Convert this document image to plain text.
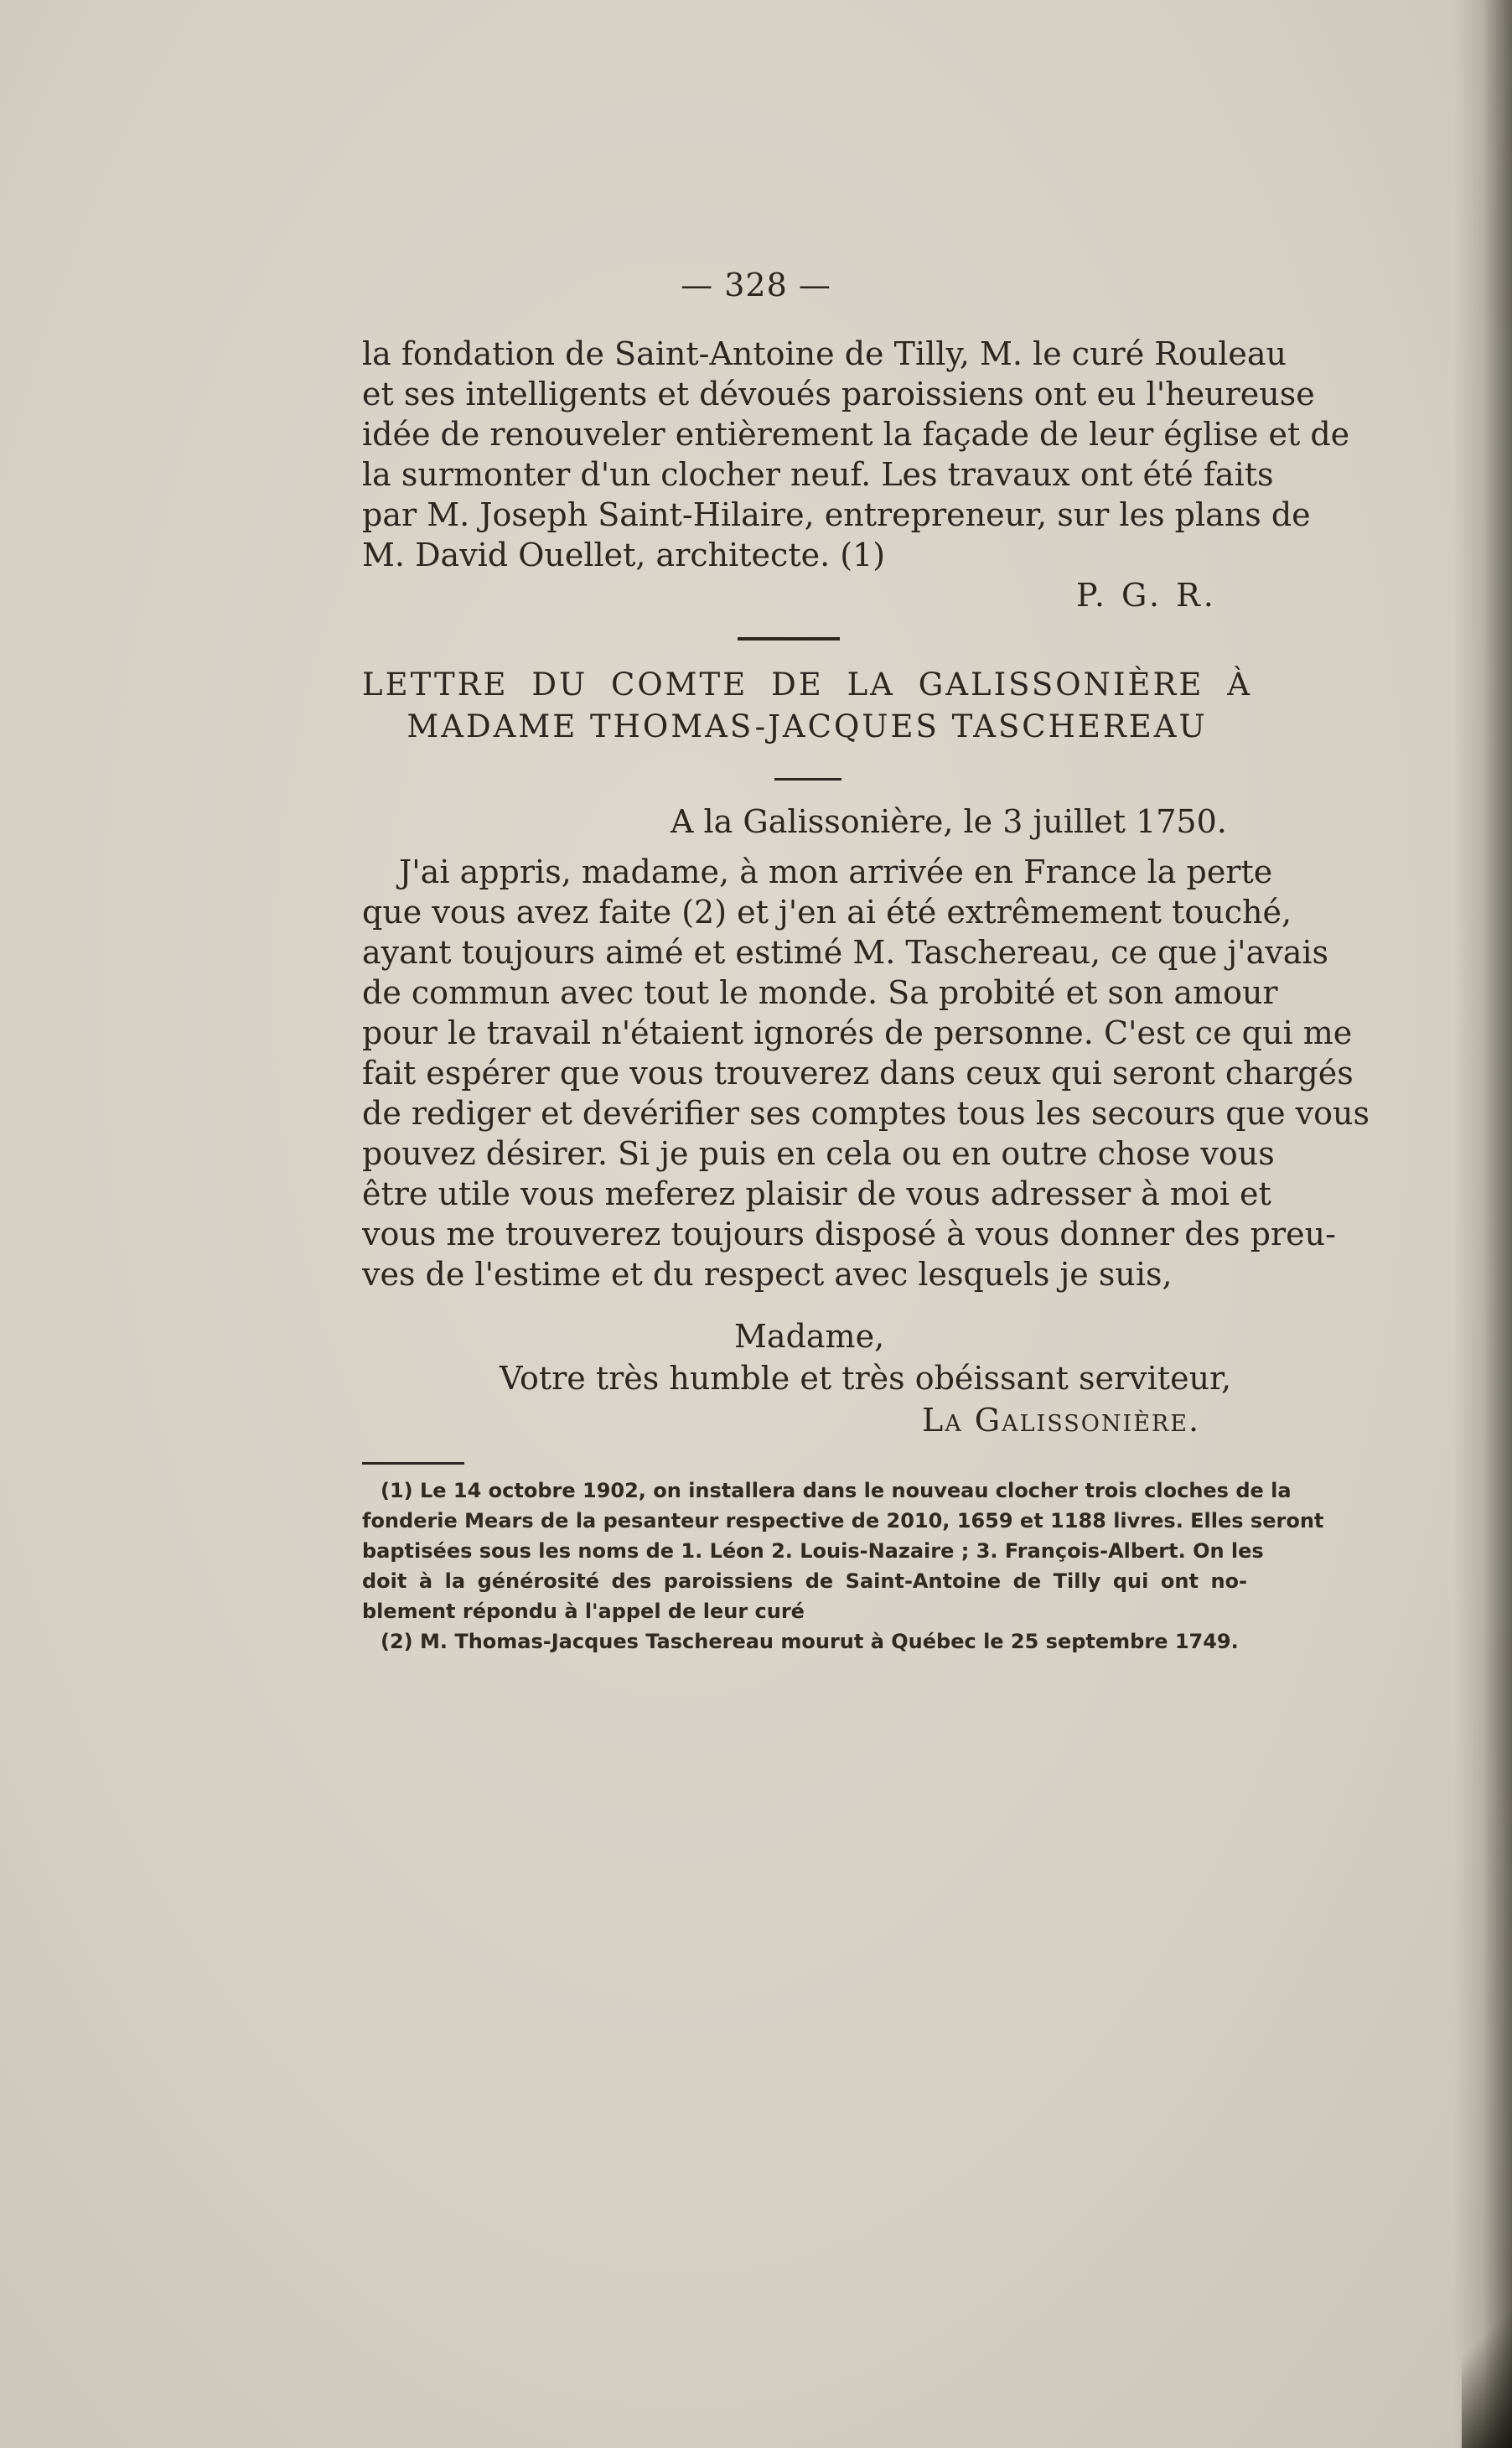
— 328 —
la fondation de Saint-Antoine de Tilly, M. le curé Rouleau
et ses intelligents et dévoués paroissiens ont eu l'heureuse
idée de renouveler entièrement la façade de leur église et de
la surmonter d'un clocher neuf. Les travaux ont été faits
par M. Joseph Saint-Hilaire, entrepreneur, sur les plans de
M. David Ouellet, architecte. (1)
P. G. R.
LETTRE DU COMTE DE LA GALISSONIÈRE À
MADAME THOMAS-JACQUES TASCHEREAU
A la Galissonière, le 3 juillet 1750.
J'ai appris, madame, à mon arrivée en France la perte
que vous avez faite (2) et j'en ai été extrêmement touché,
ayant toujours aimé et estimé M. Taschereau, ce que j'avais
de commun avec tout le monde. Sa probité et son amour
pour le travail n'étaient ignorés de personne. C'est ce qui me
fait espérer que vous trouverez dans ceux qui seront chargés
de rediger et devérifier ses comptes tous les secours que vous
pouvez désirer. Si je puis en cela ou en outre chose vous
être utile vous meferez plaisir de vous adresser à moi et
vous me trouverez toujours disposé à vous donner des preu-
ves de l'estime et du respect avec lesquels je suis,
Madame,
Votre très humble et très obéissant serviteur,
La Galissonière.
(1) Le 14 octobre 1902, on installera dans le nouveau clocher trois cloches de la
fonderie Mears de la pesanteur respective de 2010, 1659 et 1188 livres. Elles seront
baptisées sous les noms de 1. Léon 2. Louis-Nazaire ; 3. François-Albert. On les
doit à la générosité des paroissiens de Saint-Antoine de Tilly qui ont no-
blement répondu à l'appel de leur curé
(2) M. Thomas-Jacques Taschereau mourut à Québec le 25 septembre 1749.
